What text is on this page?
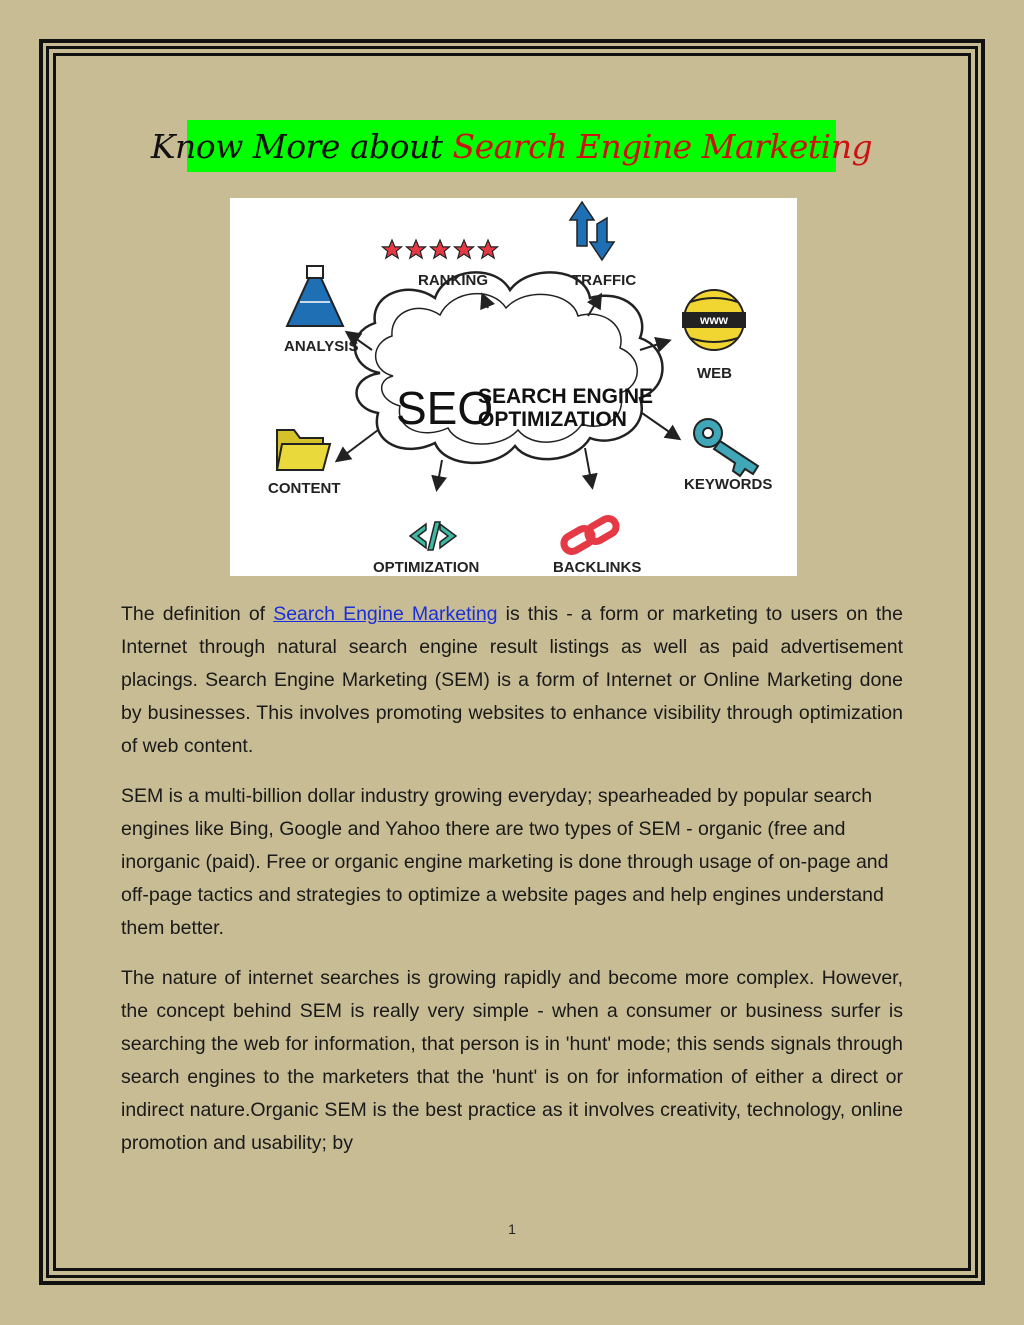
Know More about Search Engine Marketing
SEO
SEARCH ENGINE
OPTIMIZATION
RANKING	TRAFFIC
ANALYSIS
www
WEB
CONTENT	KEYWORDS
OPTIMIZATION	BACKLINKS

The definition of Search Engine Marketing is this - a form or marketing to users on the Internet through natural search engine result listings as well as paid advertisement placings. Search Engine Marketing (SEM) is a form of Internet or Online Marketing done by businesses. This involves promoting websites to enhance visibility through optimization of web content.

SEM is a multi-billion dollar industry growing everyday; spearheaded by popular search engines like Bing, Google and Yahoo there are two types of SEM - organic (free and inorganic (paid). Free or organic engine marketing is done through usage of on-page and off-page tactics and strategies to optimize a website pages and help engines understand them better.

The nature of internet searches is growing rapidly and become more complex. However, the concept behind SEM is really very simple - when a consumer or business surfer is searching the web for information, that person is in 'hunt' mode; this sends signals through search engines to the marketers that the 'hunt' is on for information of either a direct or indirect nature.Organic SEM is the best practice as it involves creativity, technology, online promotion and usability; by

1
